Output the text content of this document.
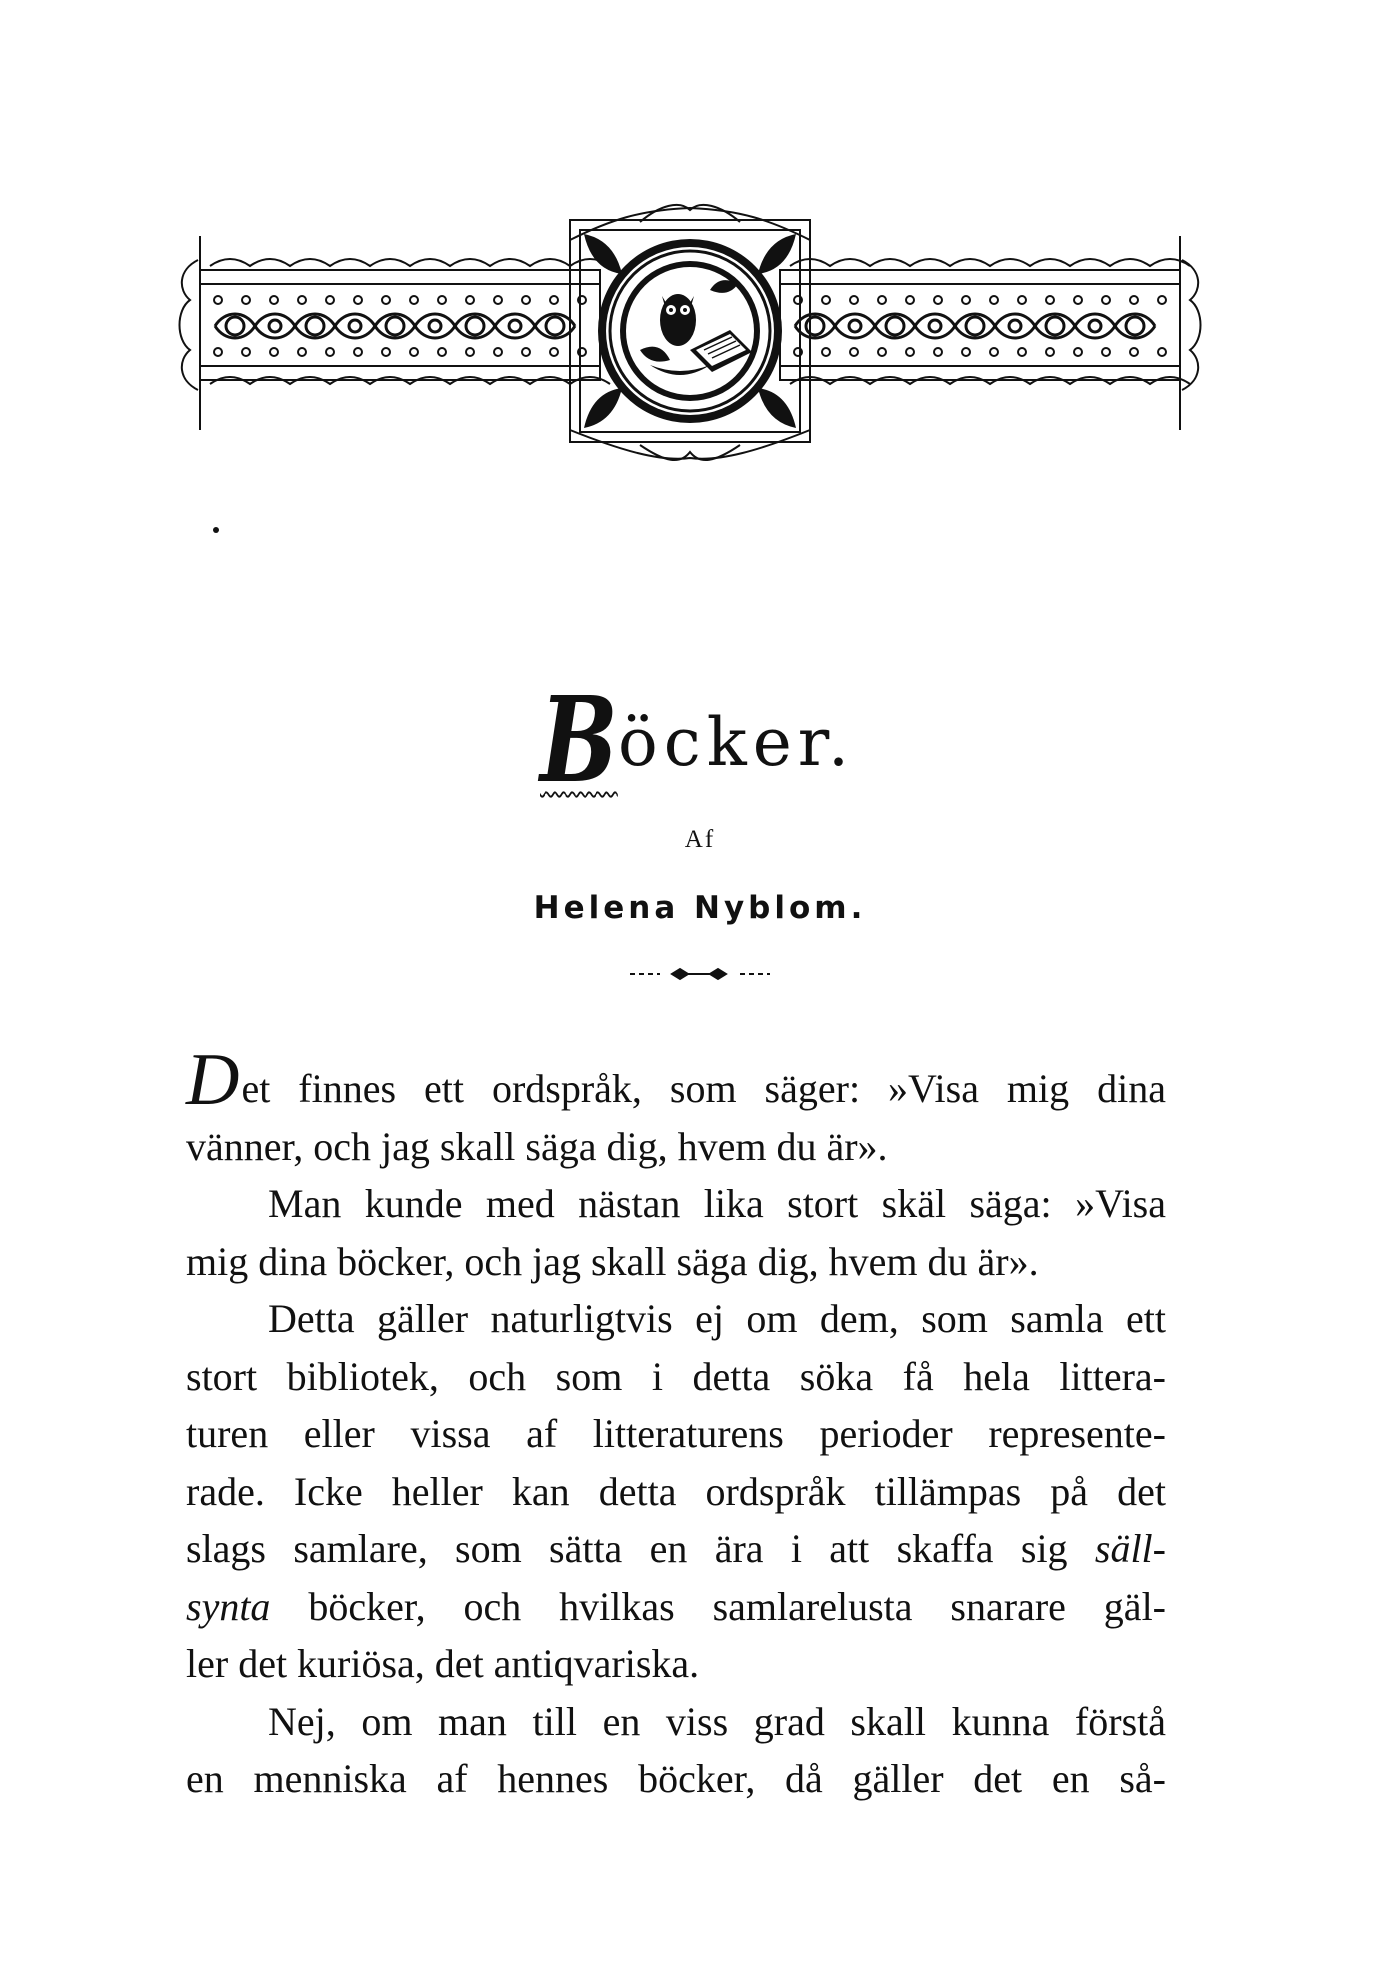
B öcker.
Af
Helena Nyblom.
Det finnes ett ordspråk, som säger: »Visa mig dina
vänner, och jag skall säga dig, hvem du är».
Man kunde med nästan lika stort skäl säga: »Visa
mig dina böcker, och jag skall säga dig, hvem du är».
Detta gäller naturligtvis ej om dem, som samla ett
stort bibliotek, och som i detta söka få hela littera-
turen eller vissa af litteraturens perioder represente-
rade. Icke heller kan detta ordspråk tillämpas på det
slags samlare, som sätta en ära i att skaffa sig säll-
synta böcker, och hvilkas samlarelusta snarare gäl-
ler det kuriösa, det antiqvariska.
Nej, om man till en viss grad skall kunna förstå
en menniska af hennes böcker, då gäller det en så-
